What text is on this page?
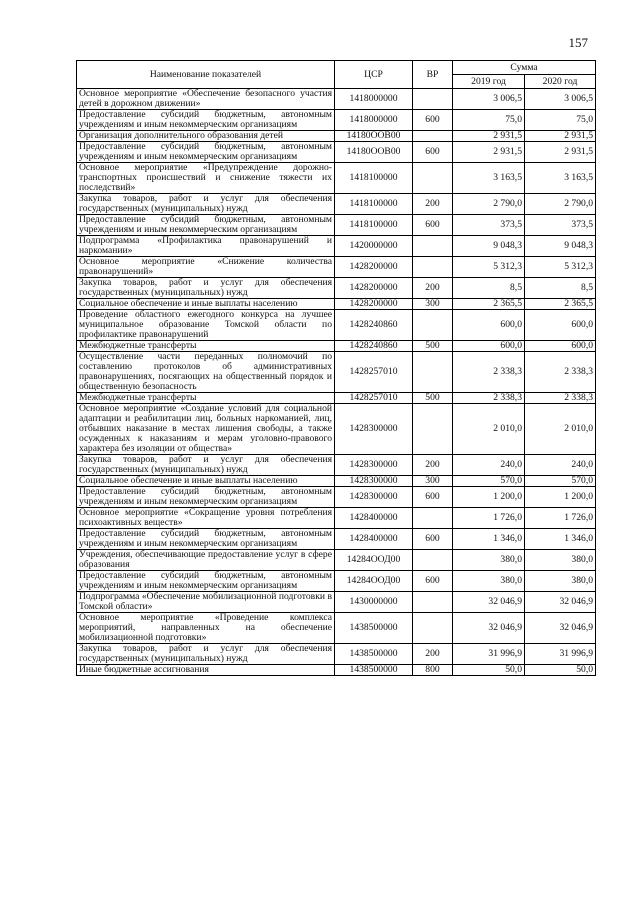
157
Наименование показателей	ЦСР	ВР	Сумма	
			2019 год	2020 год
Основное мероприятие «Обеспечение безопасного участия детей в дорожном движении»	1418000000		3 006,5	3 006,5
Предоставление субсидий бюджетным, автономным учреждениям и иным некоммерческим организациям	1418000000	600	75,0	75,0
Организация дополнительного образования детей	14180ООВ00		2 931,5	2 931,5
Предоставление субсидий бюджетным, автономным учреждениям и иным некоммерческим организациям	14180ООВ00	600	2 931,5	2 931,5
Основное мероприятие «Предупреждение дорожно-транспортных происшествий и снижение тяжести их последствий»	1418100000		3 163,5	3 163,5
Закупка товаров, работ и услуг для обеспечения государственных (муниципальных) нужд	1418100000	200	2 790,0	2 790,0
Предоставление субсидий бюджетным, автономным учреждениям и иным некоммерческим организациям	1418100000	600	373,5	373,5
Подпрограмма «Профилактика правонарушений и наркомании»	1420000000		9 048,3	9 048,3
Основное мероприятие «Снижение количества правонарушений»	1428200000		5 312,3	5 312,3
Закупка товаров, работ и услуг для обеспечения государственных (муниципальных) нужд	1428200000	200	8,5	8,5
Социальное обеспечение и иные выплаты населению	1428200000	300	2 365,5	2 365,5
Проведение областного ежегодного конкурса на лучшее муниципальное образование Томской области по профилактике правонарушений	1428240860		600,0	600,0
Межбюджетные трансферты	1428240860	500	600,0	600,0
Осуществление части переданных полномочий по составлению протоколов об административных правонарушениях, посягающих на общественный порядок и общественную безопасность	1428257010		2 338,3	2 338,3
Межбюджетные трансферты	1428257010	500	2 338,3	2 338,3
Основное мероприятие «Создание условий для социальной адаптации и реабилитации лиц, больных наркоманией, лиц, отбывших наказание в местах лишения свободы, а также осужденных к наказаниям и мерам уголовно-правового характера без изоляции от общества»	1428300000		2 010,0	2 010,0
Закупка товаров, работ и услуг для обеспечения государственных (муниципальных) нужд	1428300000	200	240,0	240,0
Социальное обеспечение и иные выплаты населению	1428300000	300	570,0	570,0
Предоставление субсидий бюджетным, автономным учреждениям и иным некоммерческим организациям	1428300000	600	1 200,0	1 200,0
Основное мероприятие «Сокращение уровня потребления психоактивных веществ»	1428400000		1 726,0	1 726,0
Предоставление субсидий бюджетным, автономным учреждениям и иным некоммерческим организациям	1428400000	600	1 346,0	1 346,0
Учреждения, обеспечивающие предоставление услуг в сфере образования	14284ООД00		380,0	380,0
Предоставление субсидий бюджетным, автономным учреждениям и иным некоммерческим организациям	14284ООД00	600	380,0	380,0
Подпрограмма «Обеспечение мобилизационной подготовки в Томской области»	1430000000		32 046,9	32 046,9
Основное мероприятие «Проведение комплекса мероприятий, направленных на обеспечение мобилизационной подготовки»	1438500000		32 046,9	32 046,9
Закупка товаров, работ и услуг для обеспечения государственных (муниципальных) нужд	1438500000	200	31 996,9	31 996,9
Иные бюджетные ассигнования	1438500000	800	50,0	50,0
